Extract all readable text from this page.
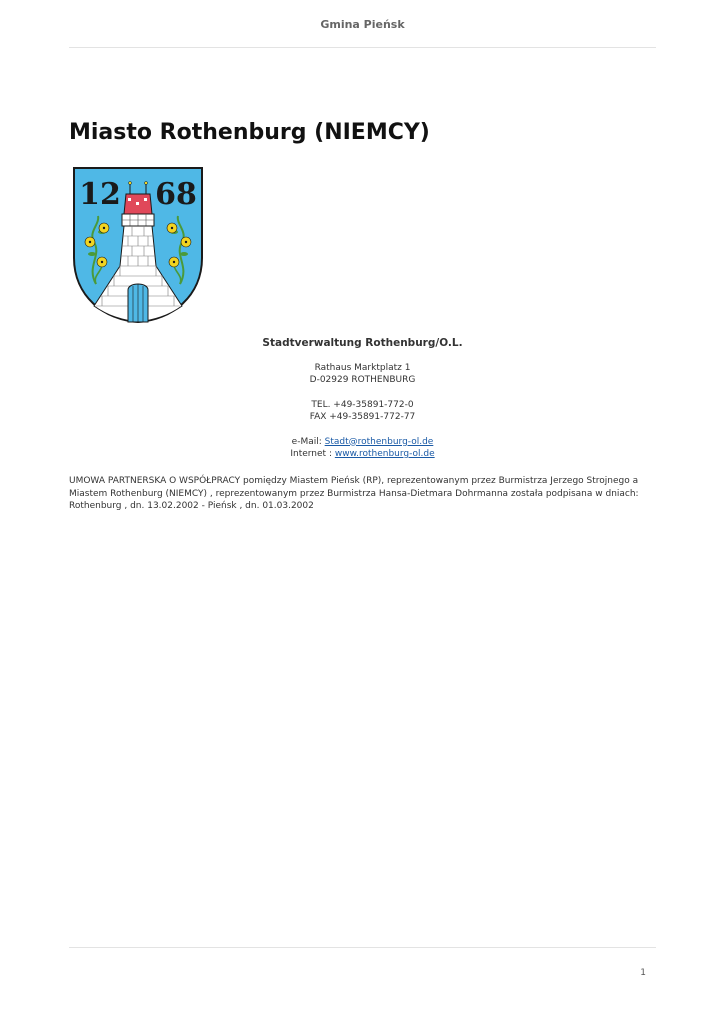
Gmina Pieńsk
Miasto Rothenburg (NIEMCY)
12 68
Stadtverwaltung Rothenburg/O.L.
Rathaus Marktplatz 1
D-02929 ROTHENBURG
TEL. +49-35891-772-0
FAX +49-35891-772-77
e-Mail: Stadt@rothenburg-ol.de
Internet : www.rothenburg-ol.de

UMOWA PARTNERSKA O WSPÓŁPRACY pomiędzy Miastem Pieńsk (RP), reprezentowanym przez Burmistrza Jerzego Strojnego a Miastem Rothenburg (NIEMCY) , reprezentowanym przez Burmistrza Hansa-Dietmara Dohrmanna została podpisana w dniach: Rothenburg , dn. 13.02.2002 - Pieńsk , dn. 01.03.2002

1
